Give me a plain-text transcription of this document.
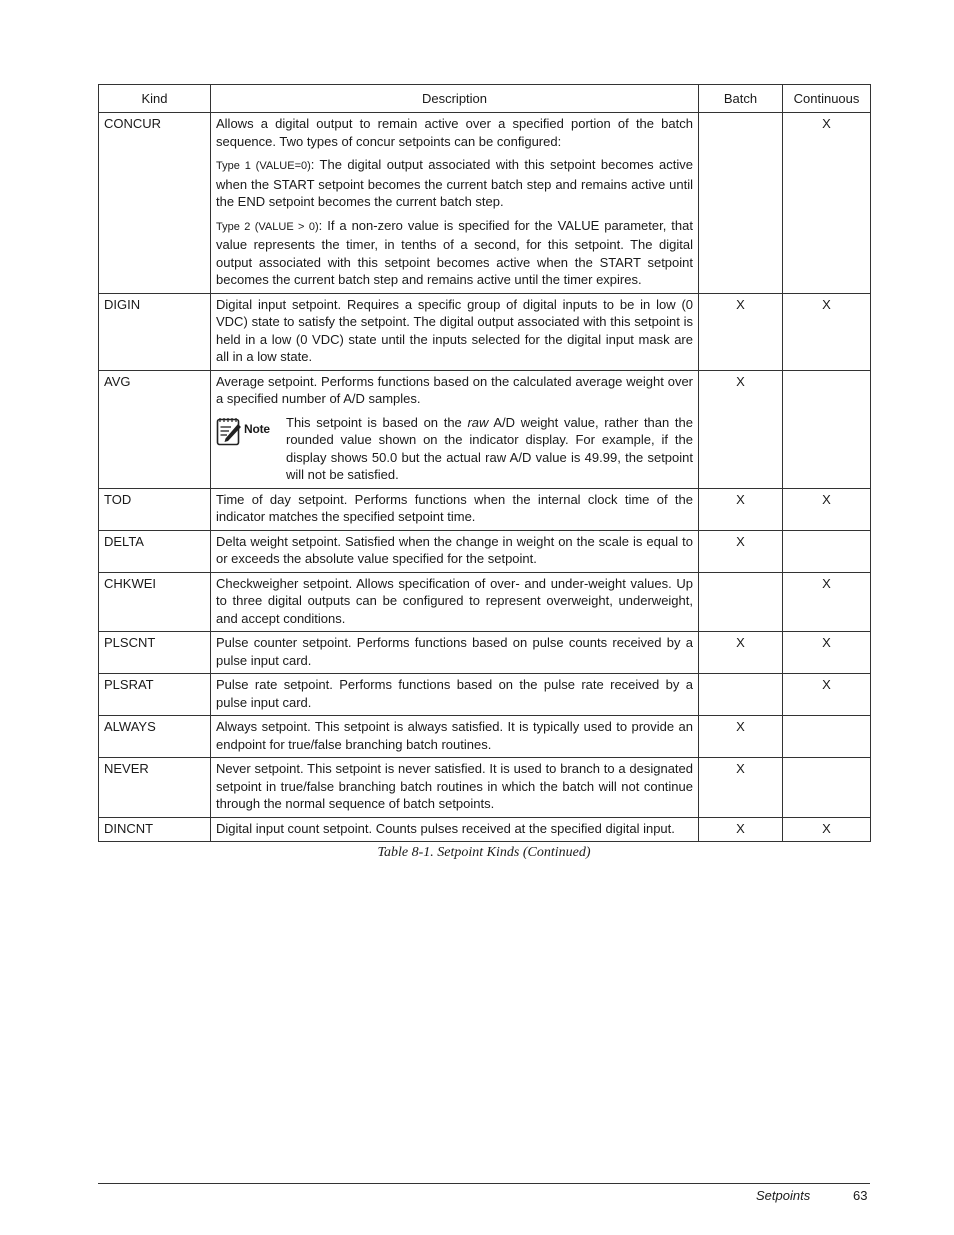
Kind	Description	Batch	Continuous
CONCUR	Allows a digital output to remain active over a specified portion of the batch sequence. Two types of concur setpoints can be configured:
Type 1 (VALUE=0): The digital output associated with this setpoint becomes active when the START setpoint becomes the current batch step and remains active until the END setpoint becomes the current batch step.
Type 2 (VALUE > 0): If a non-zero value is specified for the VALUE parameter, that value represents the timer, in tenths of a second, for this setpoint. The digital output associated with this setpoint becomes active when the START setpoint becomes the current batch step and remains active until the timer expires.		X
DIGIN	Digital input setpoint. Requires a specific group of digital inputs to be in low (0 VDC) state to satisfy the setpoint. The digital output associated with this setpoint is held in a low (0 VDC) state until the inputs selected for the digital input mask are all in a low state.	X	X
AVG	Average setpoint. Performs functions based on the calculated average weight over a specified number of A/D samples.
Note This setpoint is based on the raw A/D weight value, rather than the rounded value shown on the indicator display. For example, if the display shows 50.0 but the actual raw A/D value is 49.99, the setpoint will not be satisfied.	X	
TOD	Time of day setpoint. Performs functions when the internal clock time of the indicator matches the specified setpoint time.	X	X
DELTA	Delta weight setpoint. Satisfied when the change in weight on the scale is equal to or exceeds the absolute value specified for the setpoint.	X	
CHKWEI	Checkweigher setpoint. Allows specification of over- and under-weight values. Up to three digital outputs can be configured to represent overweight, underweight, and accept conditions.		X
PLSCNT	Pulse counter setpoint. Performs functions based on pulse counts received by a pulse input card.	X	X
PLSRAT	Pulse rate setpoint. Performs functions based on the pulse rate received by a pulse input card.		X
ALWAYS	Always setpoint. This setpoint is always satisfied. It is typically used to provide an endpoint for true/false branching batch routines.	X	
NEVER	Never setpoint. This setpoint is never satisfied. It is used to branch to a designated setpoint in true/false branching batch routines in which the batch will not continue through the normal sequence of batch setpoints.	X	
DINCNT	Digital input count setpoint. Counts pulses received at the specified digital input.	X	X
Table 8-1. Setpoint Kinds (Continued)
Setpoints	63
